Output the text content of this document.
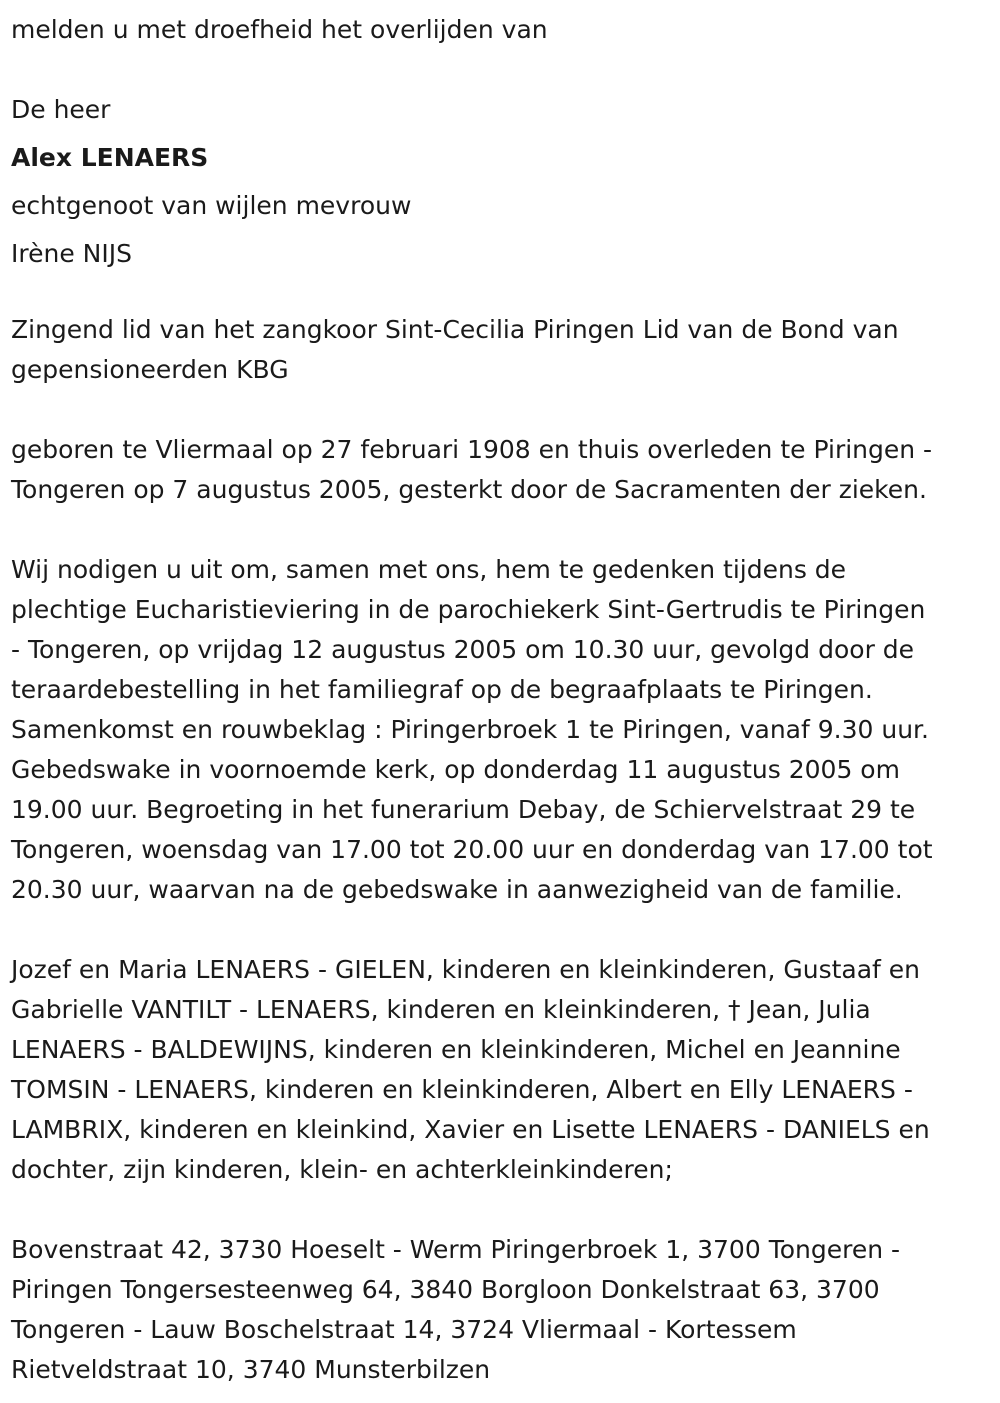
melden u met droefheid het overlijden van

De heer

Alex LENAERS

echtgenoot van wijlen mevrouw

Irène NIJS

Zingend lid van het zangkoor Sint-Cecilia Piringen Lid van de Bond van

gepensioneerden KBG

geboren te Vliermaal op 27 februari 1908 en thuis overleden te Piringen -

Tongeren op 7 augustus 2005, gesterkt door de Sacramenten der zieken.

Wij nodigen u uit om, samen met ons, hem te gedenken tijdens de

plechtige Eucharistieviering in de parochiekerk Sint-Gertrudis te Piringen

- Tongeren, op vrijdag 12 augustus 2005 om 10.30 uur, gevolgd door de

teraardebestelling in het familiegraf op de begraafplaats te Piringen.

Samenkomst en rouwbeklag : Piringerbroek 1 te Piringen, vanaf 9.30 uur.

Gebedswake in voornoemde kerk, op donderdag 11 augustus 2005 om

19.00 uur. Begroeting in het funerarium Debay, de Schiervelstraat 29 te

Tongeren, woensdag van 17.00 tot 20.00 uur en donderdag van 17.00 tot

20.30 uur, waarvan na de gebedswake in aanwezigheid van de familie.

Jozef en Maria LENAERS - GIELEN, kinderen en kleinkinderen, Gustaaf en

Gabrielle VANTILT - LENAERS, kinderen en kleinkinderen, † Jean, Julia

LENAERS - BALDEWIJNS, kinderen en kleinkinderen, Michel en Jeannine

TOMSIN - LENAERS, kinderen en kleinkinderen, Albert en Elly LENAERS -

LAMBRIX, kinderen en kleinkind, Xavier en Lisette LENAERS - DANIELS en

dochter, zijn kinderen, klein- en achterkleinkinderen;

Bovenstraat 42, 3730 Hoeselt - Werm Piringerbroek 1, 3700 Tongeren -

Piringen Tongersesteenweg 64, 3840 Borgloon Donkelstraat 63, 3700

Tongeren - Lauw Boschelstraat 14, 3724 Vliermaal - Kortessem

Rietveldstraat 10, 3740 Munsterbilzen
